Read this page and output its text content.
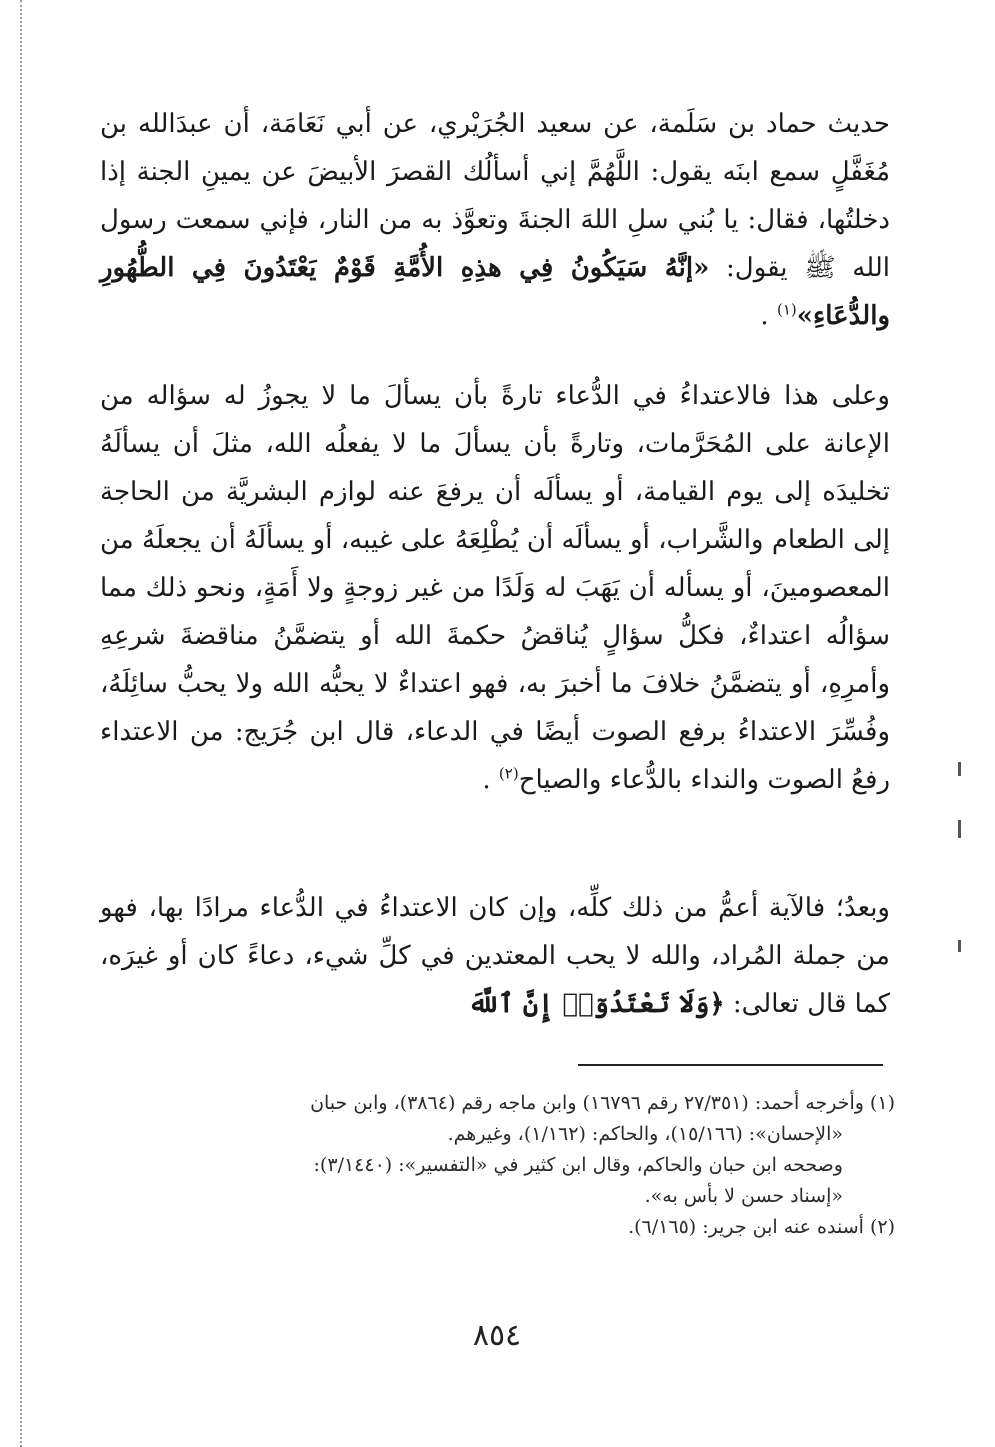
حديث حماد بن سَلَمة، عن سعيد الجُرَيْري، عن أبي نَعَامَة، أن عبدَالله بن مُغَفَّلٍ سمع ابنَه يقول: اللَّهُمَّ إني أسألُك القصرَ الأبيضَ عن يمينِ الجنة إذا دخلتُها، فقال: يا بُني سلِ اللهَ الجنةَ وتعوَّذ به من النار، فإني سمعت رسول الله ﷺ يقول: «إنَّهُ سَيَكُونُ فِي هذِهِ الأُمَّةِ قَوْمٌ يَعْتَدُونَ فِي الطُّهُورِ والدُّعَاءِ»$^{(١)}$ .

وعلى هذا فالاعتداءُ في الدُّعاء تارةً بأن يسألَ ما لا يجوزُ له سؤاله من الإعانة على المُحَرَّمات، وتارةً بأن يسألَ ما لا يفعلُه الله، مثلَ أن يسألَهُ تخليدَه إلى يوم القيامة، أو يسألَه أن يرفعَ عنه لوازم البشريَّة من الحاجة إلى الطعام والشَّراب، أو يسألَه أن يُطْلِعَهُ على غيبه، أو يسألَهُ أن يجعلَهُ من المعصومينَ، أو يسأله أن يَهَبَ له وَلَدًا من غير زوجةٍ ولا أَمَةٍ، ونحو ذلك مما سؤالُه اعتداءٌ، فكلُّ سؤالٍ يُناقضُ حكمةَ الله أو يتضمَّنُ مناقضةَ شرعِهِ وأمرِهِ، أو يتضمَّنُ خلافَ ما أخبرَ به، فهو اعتداءٌ لا يحبُّه الله ولا يحبُّ سائِلَهُ، وفُسِّرَ الاعتداءُ برفع الصوت أيضًا في الدعاء، قال ابن جُرَيج: من الاعتداء رفعُ الصوت والنداء بالدُّعاء والصياح$^{(٢)}$ .

وبعدُ؛ فالآية أعمُّ من ذلك كلِّه، وإن كان الاعتداءُ في الدُّعاء مرادًا بها، فهو من جملة المُراد، والله لا يحب المعتدين في كلِّ شيء، دعاءً كان أو غيرَه، كما قال تعالى: ﴿وَلَا تَعْتَدُوٓا۟ إِنَّ ٱللَّهَ

(١) وأخرجه أحمد: (٢٧/٣٥١ رقم ١٦٧٩٦) وابن ماجه رقم (٣٨٦٤)، وابن حبان

«الإحسان»: (١٥/١٦٦)، والحاكم: (١/١٦٢)، وغيرهم.

وصححه ابن حبان والحاكم، وقال ابن كثير في «التفسير»: (٣/١٤٤٠):

«إسناد حسن لا بأس به».

(٢) أسنده عنه ابن جرير: (٦/١٦٥).

٨٥٤
